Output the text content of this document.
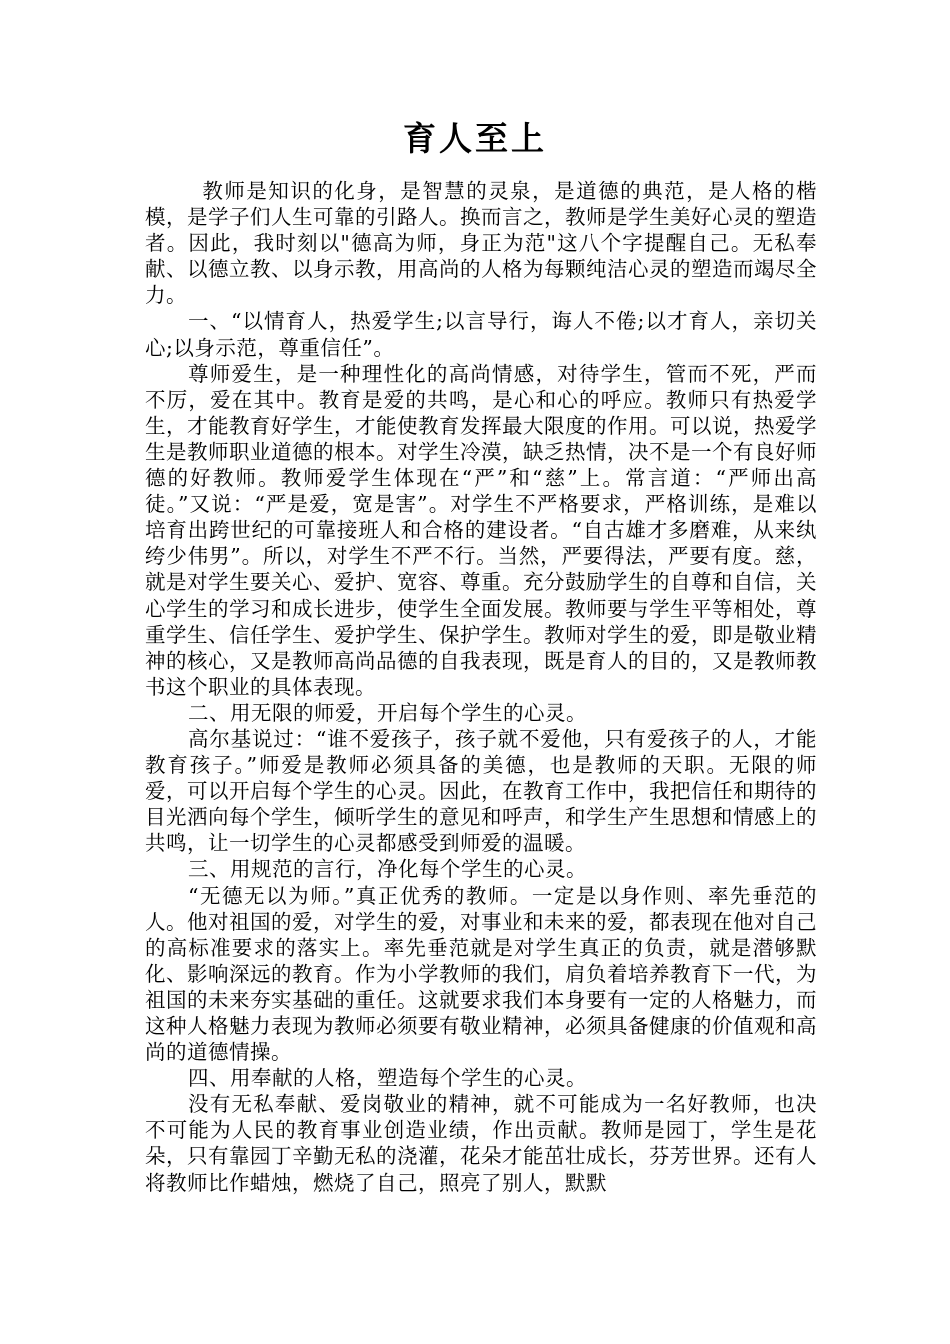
育人至上

教师是知识的化身，是智慧的灵泉，是道德的典范，是人格的楷模，是学子们人生可靠的引路人。换而言之，教师是学生美好心灵的塑造者。因此，我时刻以"德高为师，身正为范"这八个字提醒自己。无私奉献、以德立教、以身示教，用高尚的人格为每颗纯洁心灵的塑造而竭尽全力。

一、“以情育人，热爱学生;以言导行，诲人不倦;以才育人，亲切关心;以身示范，尊重信任”。

尊师爱生，是一种理性化的高尚情感，对待学生，管而不死，严而不厉，爱在其中。教育是爱的共鸣，是心和心的呼应。教师只有热爱学生，才能教育好学生，才能使教育发挥最大限度的作用。可以说，热爱学生是教师职业道德的根本。对学生冷漠，缺乏热情，决不是一个有良好师德的好教师。教师爱学生体现在“严”和“慈”上。常言道：“严师出高徒。”又说：“严是爱，宽是害”。对学生不严格要求，严格训练，是难以培育出跨世纪的可靠接班人和合格的建设者。“自古雄才多磨难，从来纨绔少伟男”。所以，对学生不严不行。当然，严要得法，严要有度。慈，就是对学生要关心、爱护、宽容、尊重。充分鼓励学生的自尊和自信，关心学生的学习和成长进步，使学生全面发展。教师要与学生平等相处，尊重学生、信任学生、爱护学生、保护学生。教师对学生的爱，即是敬业精神的核心，又是教师高尚品德的自我表现，既是育人的目的，又是教师教书这个职业的具体表现。

二、用无限的师爱，开启每个学生的心灵。

高尔基说过：“谁不爱孩子，孩子就不爱他，只有爱孩子的人，才能教育孩子。”师爱是教师必须具备的美德，也是教师的天职。无限的师爱，可以开启每个学生的心灵。因此，在教育工作中，我把信任和期待的目光洒向每个学生，倾听学生的意见和呼声，和学生产生思想和情感上的共鸣，让一切学生的心灵都感受到师爱的温暖。

三、用规范的言行，净化每个学生的心灵。

“无德无以为师。”真正优秀的教师。一定是以身作则、率先垂范的人。他对祖国的爱，对学生的爱，对事业和未来的爱，都表现在他对自己的高标准要求的落实上。率先垂范就是对学生真正的负责，就是潜够默化、影响深远的教育。作为小学教师的我们，肩负着培养教育下一代，为祖国的未来夯实基础的重任。这就要求我们本身要有一定的人格魅力，而这种人格魅力表现为教师必须要有敬业精神，必须具备健康的价值观和高尚的道德情操。

四、用奉献的人格，塑造每个学生的心灵。

没有无私奉献、爱岗敬业的精神，就不可能成为一名好教师，也决不可能为人民的教育事业创造业绩，作出贡献。教师是园丁，学生是花朵，只有靠园丁辛勤无私的浇灌，花朵才能茁壮成长，芬芳世界。还有人将教师比作蜡烛，燃烧了自己，照亮了别人，默默
